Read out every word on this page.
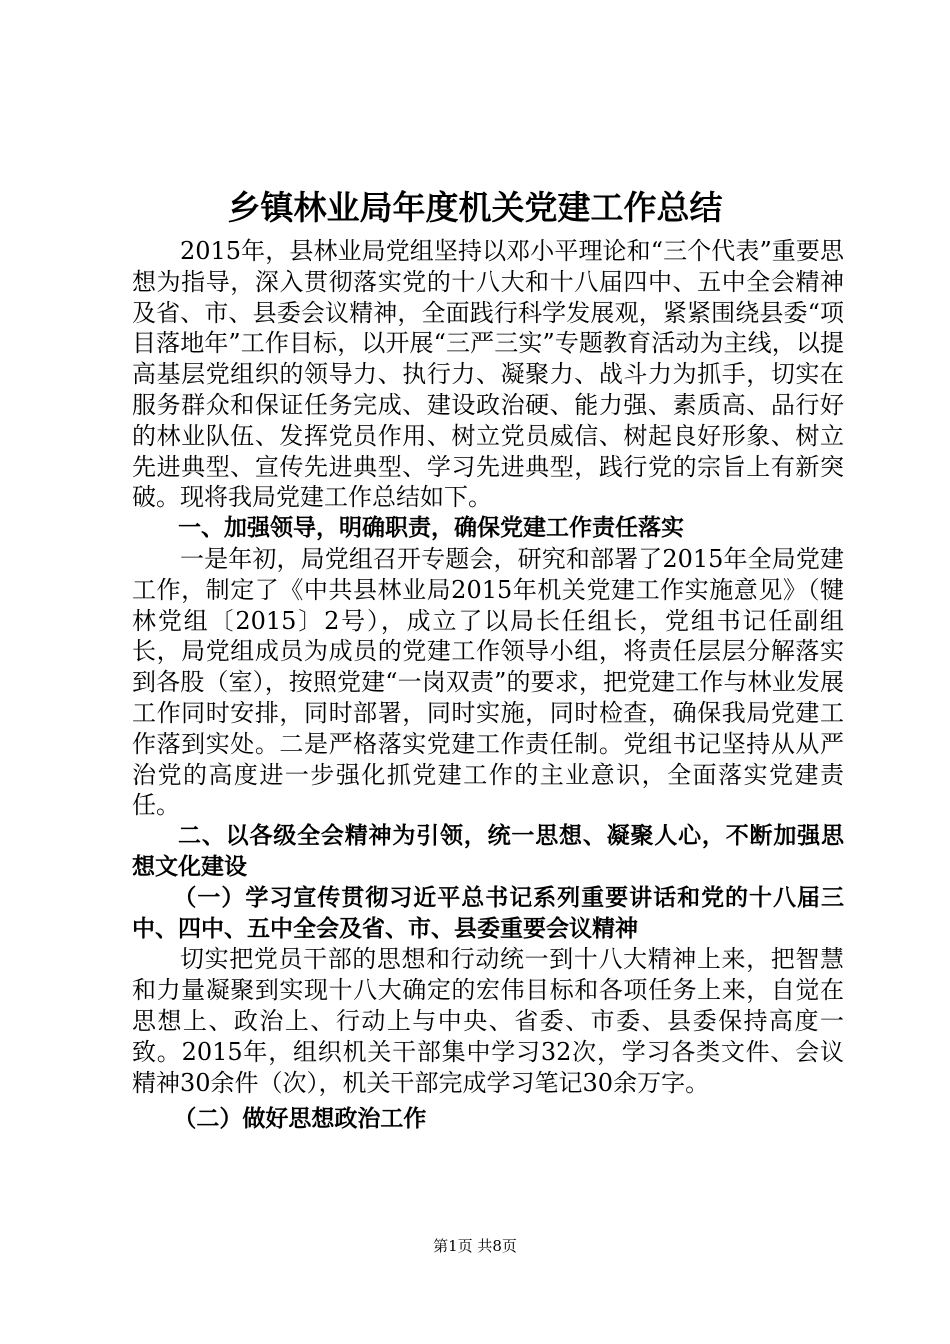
乡镇林业局年度机关党建工作总结

2015年，县林业局党组坚持以邓小平理论和“三个代表”重要思想为指导，深入贯彻落实党的十八大和十八届四中、五中全会精神及省、市、县委会议精神，全面践行科学发展观，紧紧围绕县委“项目落地年”工作目标，以开展“三严三实”专题教育活动为主线，以提高基层党组织的领导力、执行力、凝聚力、战斗力为抓手，切实在服务群众和保证任务完成、建设政治硬、能力强、素质高、品行好的林业队伍、发挥党员作用、树立党员威信、树起良好形象、树立先进典型、宣传先进典型、学习先进典型，践行党的宗旨上有新突破。现将我局党建工作总结如下。

一、加强领导，明确职责，确保党建工作责任落实

一是年初，局党组召开专题会，研究和部署了2015年全局党建工作，制定了《中共县林业局2015年机关党建工作实施意见》（犍林党组〔2015〕2号），成立了以局长任组长，党组书记任副组长，局党组成员为成员的党建工作领导小组，将责任层层分解落实到各股（室），按照党建“一岗双责”的要求，把党建工作与林业发展工作同时安排，同时部署，同时实施，同时检查，确保我局党建工作落到实处。二是严格落实党建工作责任制。党组书记坚持从从严治党的高度进一步强化抓党建工作的主业意识，全面落实党建责任。

二、以各级全会精神为引领，统一思想、凝聚人心，不断加强思想文化建设

（一）学习宣传贯彻习近平总书记系列重要讲话和党的十八届三中、四中、五中全会及省、市、县委重要会议精神

切实把党员干部的思想和行动统一到十八大精神上来，把智慧和力量凝聚到实现十八大确定的宏伟目标和各项任务上来，自觉在思想上、政治上、行动上与中央、省委、市委、县委保持高度一致。2015年，组织机关干部集中学习32次，学习各类文件、会议精神30余件（次），机关干部完成学习笔记30余万字。

（二）做好思想政治工作

第1页 共8页
